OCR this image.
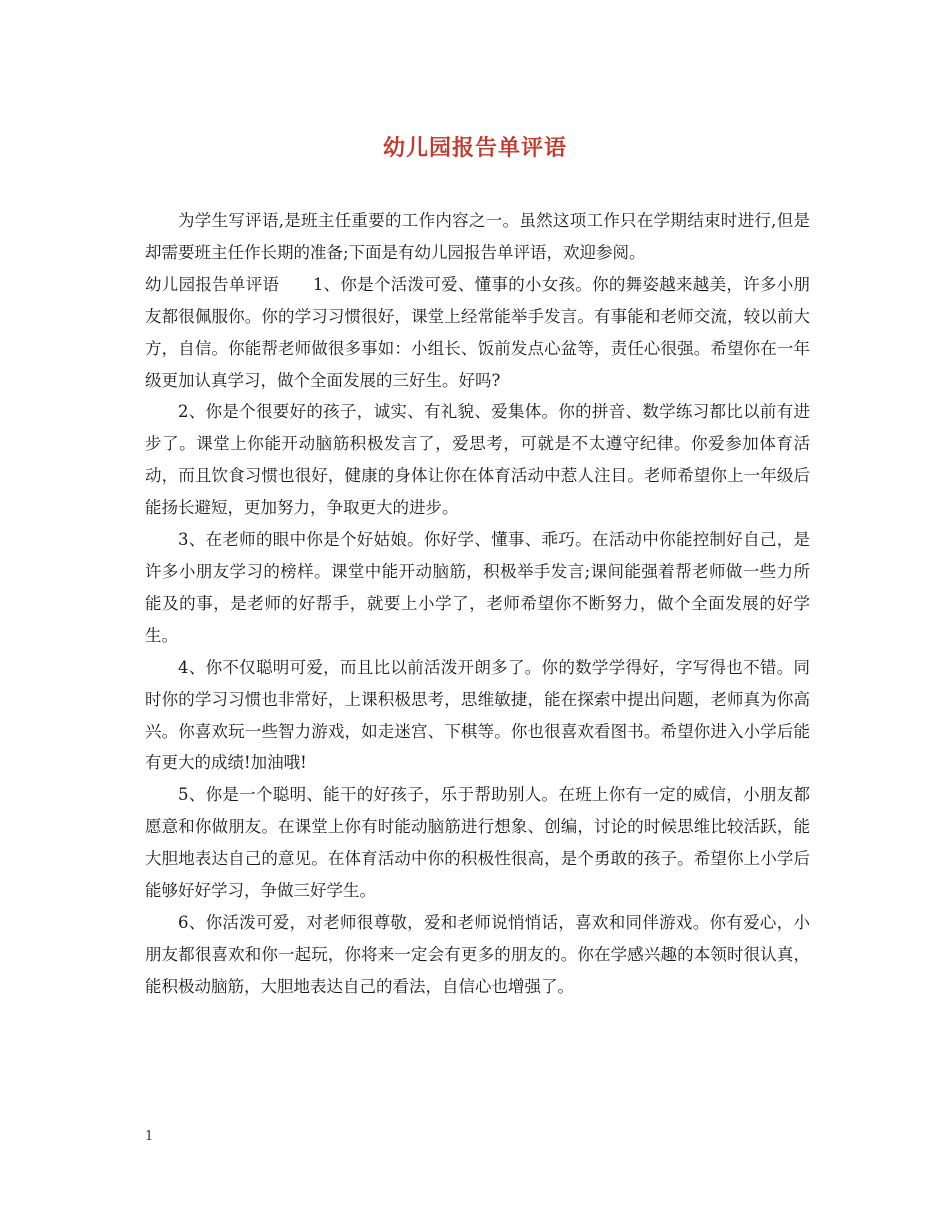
幼儿园报告单评语

为学生写评语,是班主任重要的工作内容之一。虽然这项工作只在学期结束时进行,但是却需要班主任作长期的准备;下面是有幼儿园报告单评语，欢迎参阅。

幼儿园报告单评语　　1、你是个活泼可爱、懂事的小女孩。你的舞姿越来越美，许多小朋友都很佩服你。你的学习习惯很好，课堂上经常能举手发言。有事能和老师交流，较以前大方，自信。你能帮老师做很多事如：小组长、饭前发点心盆等，责任心很强。希望你在一年级更加认真学习，做个全面发展的三好生。好吗?

2、你是个很要好的孩子，诚实、有礼貌、爱集体。你的拼音、数学练习都比以前有进步了。课堂上你能开动脑筋积极发言了，爱思考，可就是不太遵守纪律。你爱参加体育活动，而且饮食习惯也很好，健康的身体让你在体育活动中惹人注目。老师希望你上一年级后能扬长避短，更加努力，争取更大的进步。

3、在老师的眼中你是个好姑娘。你好学、懂事、乖巧。在活动中你能控制好自己，是许多小朋友学习的榜样。课堂中能开动脑筋，积极举手发言;课间能强着帮老师做一些力所能及的事，是老师的好帮手，就要上小学了，老师希望你不断努力，做个全面发展的好学生。

4、你不仅聪明可爱，而且比以前活泼开朗多了。你的数学学得好，字写得也不错。同时你的学习习惯也非常好，上课积极思考，思维敏捷，能在探索中提出问题，老师真为你高兴。你喜欢玩一些智力游戏，如走迷宫、下棋等。你也很喜欢看图书。希望你进入小学后能有更大的成绩!加油哦!

5、你是一个聪明、能干的好孩子，乐于帮助别人。在班上你有一定的威信，小朋友都愿意和你做朋友。在课堂上你有时能动脑筋进行想象、创编，讨论的时候思维比较活跃，能大胆地表达自己的意见。在体育活动中你的积极性很高，是个勇敢的孩子。希望你上小学后能够好好学习，争做三好学生。

6、你活泼可爱，对老师很尊敬，爱和老师说悄悄话，喜欢和同伴游戏。你有爱心，小朋友都很喜欢和你一起玩，你将来一定会有更多的朋友的。你在学感兴趣的本领时很认真，能积极动脑筋，大胆地表达自己的看法，自信心也增强了。

1
